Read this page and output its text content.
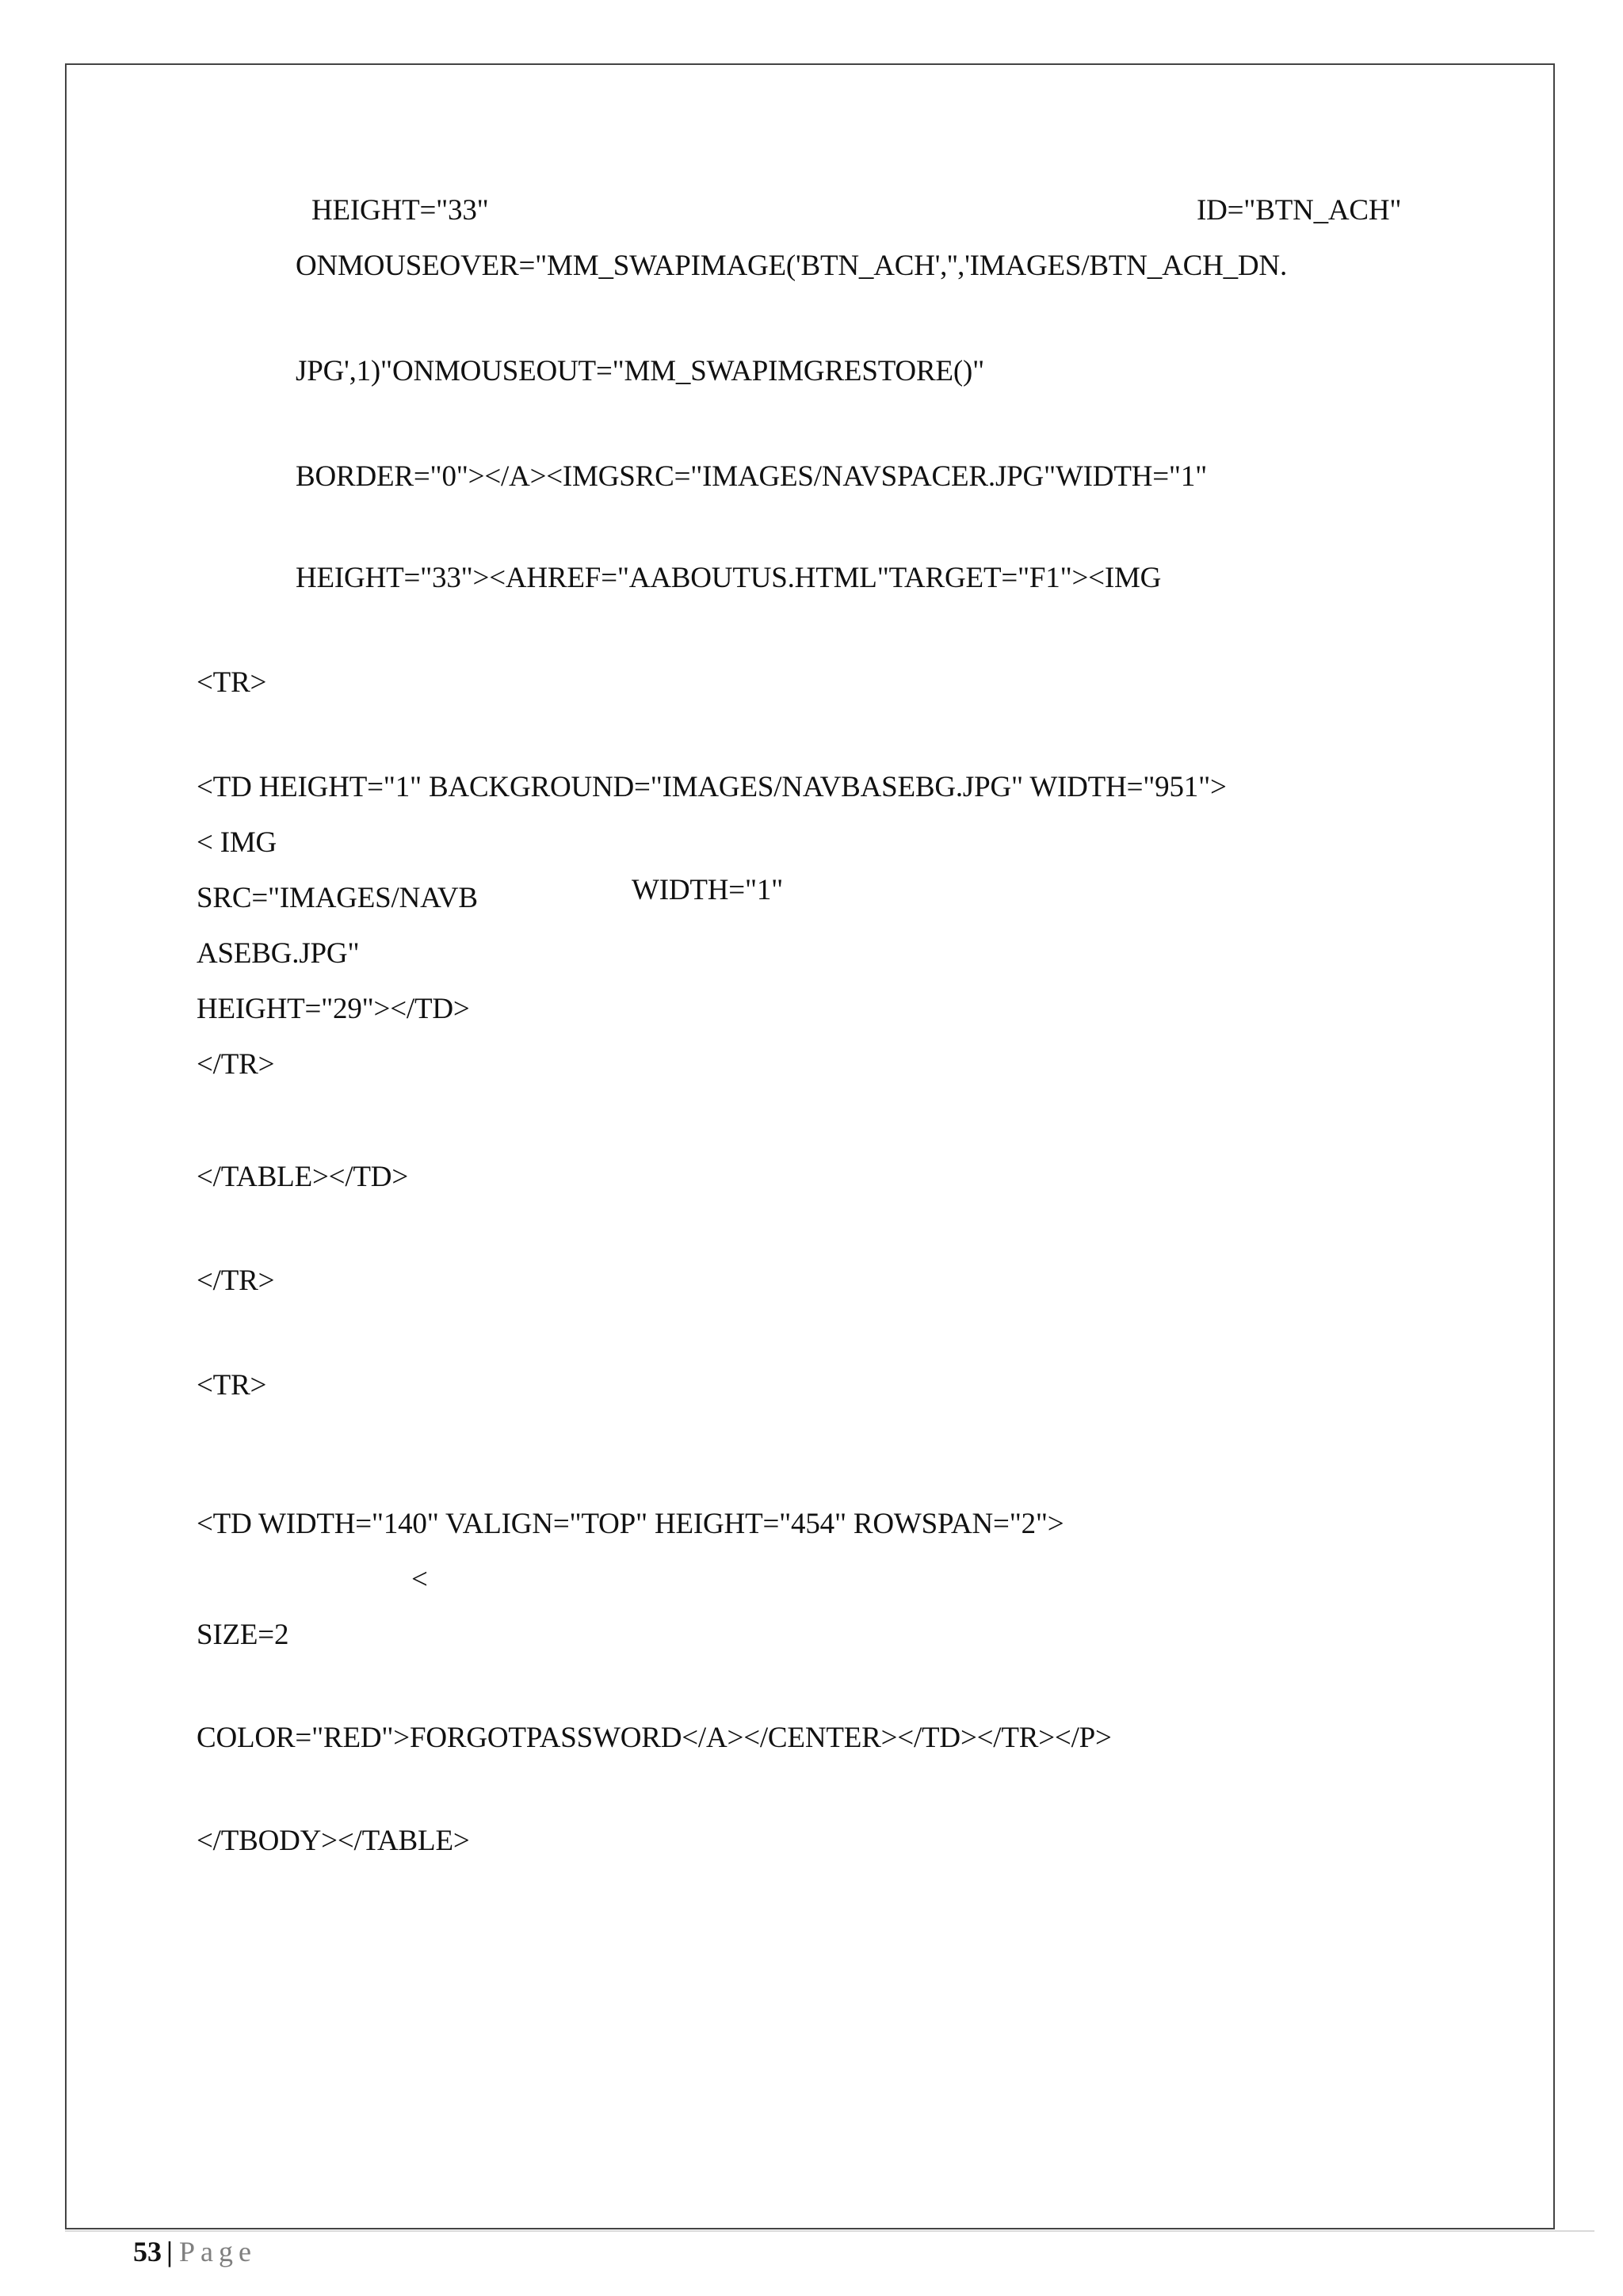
HEIGHT="33"	ID="BTN_ACH"
ONMOUSEOVER="MM_SWAPIMAGE('BTN_ACH','','IMAGES/BTN_ACH_DN.
JPG',1)"ONMOUSEOUT="MM_SWAPIMGRESTORE()"
BORDER="0"></A><IMGSRC="IMAGES/NAVSPACER.JPG"WIDTH="1"
HEIGHT="33"><AHREF="AABOUTUS.HTML"TARGET="F1"><IMG
<TR>
<TD HEIGHT="1" BACKGROUND="IMAGES/NAVBASEBG.JPG" WIDTH="951">
< IMG
SRC="IMAGES/NAVB	WIDTH="1"
ASEBG.JPG"
HEIGHT="29"></TD>
</TR>
</TABLE></TD>
</TR>
<TR>
<TD WIDTH="140" VALIGN="TOP" HEIGHT="454" ROWSPAN="2">
<
SIZE=2
COLOR="RED">FORGOTPASSWORD</A></CENTER></TD></TR></P>
</TBODY></TABLE>
53 | Page
